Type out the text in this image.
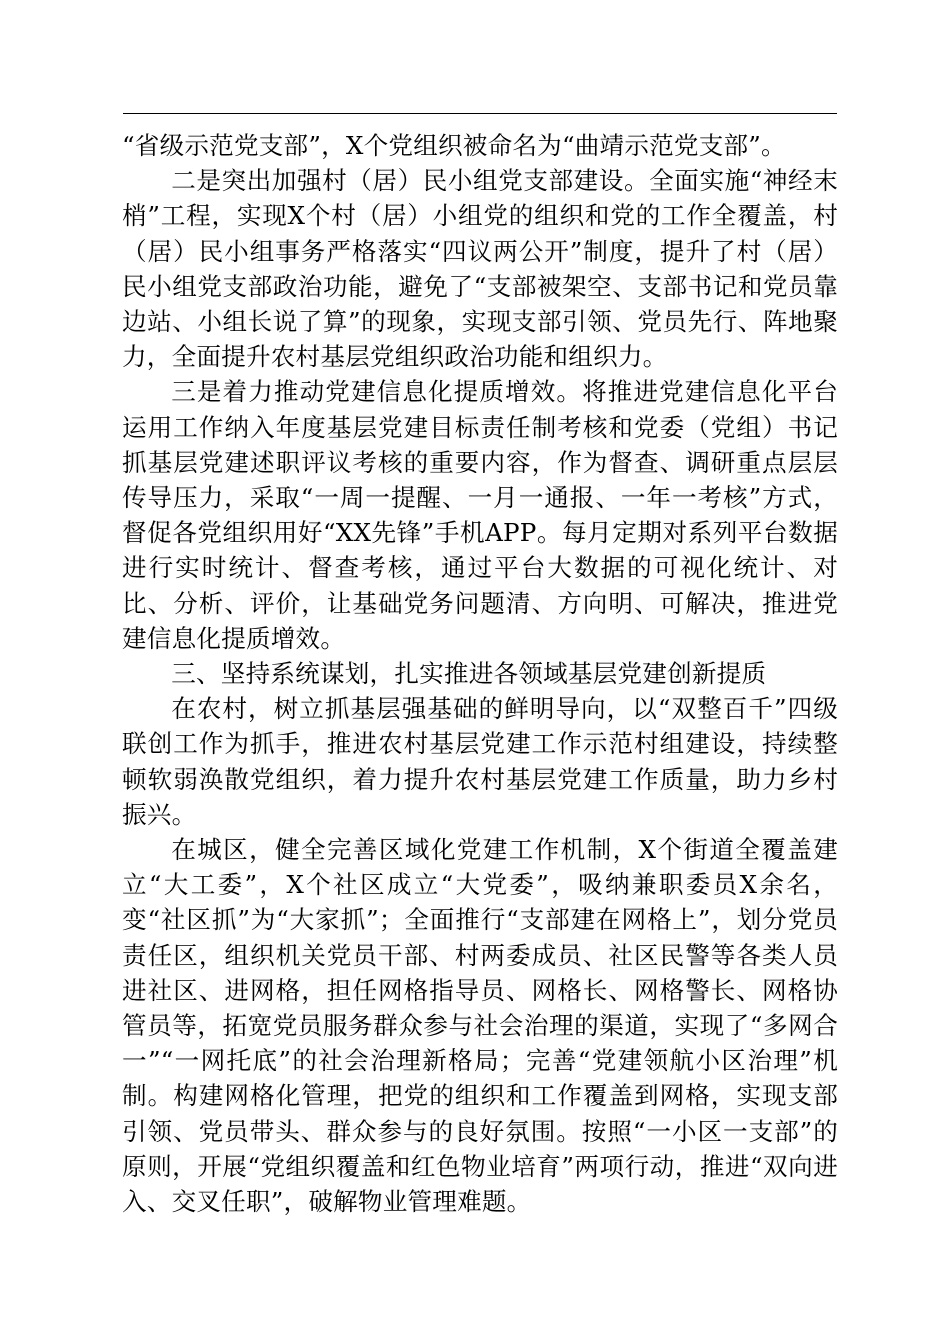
“省级示范党支部”，X个党组织被命名为“曲靖示范党支部”。

二是突出加强村（居）民小组党支部建设。全面实施“神经末梢”工程，实现X个村（居）小组党的组织和党的工作全覆盖，村（居）民小组事务严格落实“四议两公开”制度，提升了村（居）民小组党支部政治功能，避免了“支部被架空、支部书记和党员靠边站、小组长说了算”的现象，实现支部引领、党员先行、阵地聚力，全面提升农村基层党组织政治功能和组织力。

三是着力推动党建信息化提质增效。将推进党建信息化平台运用工作纳入年度基层党建目标责任制考核和党委（党组）书记抓基层党建述职评议考核的重要内容，作为督查、调研重点层层传导压力，采取“一周一提醒、一月一通报、一年一考核”方式，督促各党组织用好“XX先锋”手机APP。每月定期对系列平台数据进行实时统计、督查考核，通过平台大数据的可视化统计、对比、分析、评价，让基础党务问题清、方向明、可解决，推进党建信息化提质增效。

三、坚持系统谋划，扎实推进各领域基层党建创新提质

在农村，树立抓基层强基础的鲜明导向，以“双整百千”四级联创工作为抓手，推进农村基层党建工作示范村组建设，持续整顿软弱涣散党组织，着力提升农村基层党建工作质量，助力乡村振兴。

在城区，健全完善区域化党建工作机制，X个街道全覆盖建立“大工委”，X个社区成立“大党委”，吸纳兼职委员X余名，变“社区抓”为“大家抓”；全面推行“支部建在网格上”，划分党员责任区，组织机关党员干部、村两委成员、社区民警等各类人员进社区、进网格，担任网格指导员、网格长、网格警长、网格协管员等，拓宽党员服务群众参与社会治理的渠道，实现了“多网合一”“一网托底”的社会治理新格局；完善“党建领航小区治理”机制。构建网格化管理，把党的组织和工作覆盖到网格，实现支部引领、党员带头、群众参与的良好氛围。按照“一小区一支部”的原则，开展“党组织覆盖和红色物业培育”两项行动，推进“双向进入、交叉任职”，破解物业管理难题。
